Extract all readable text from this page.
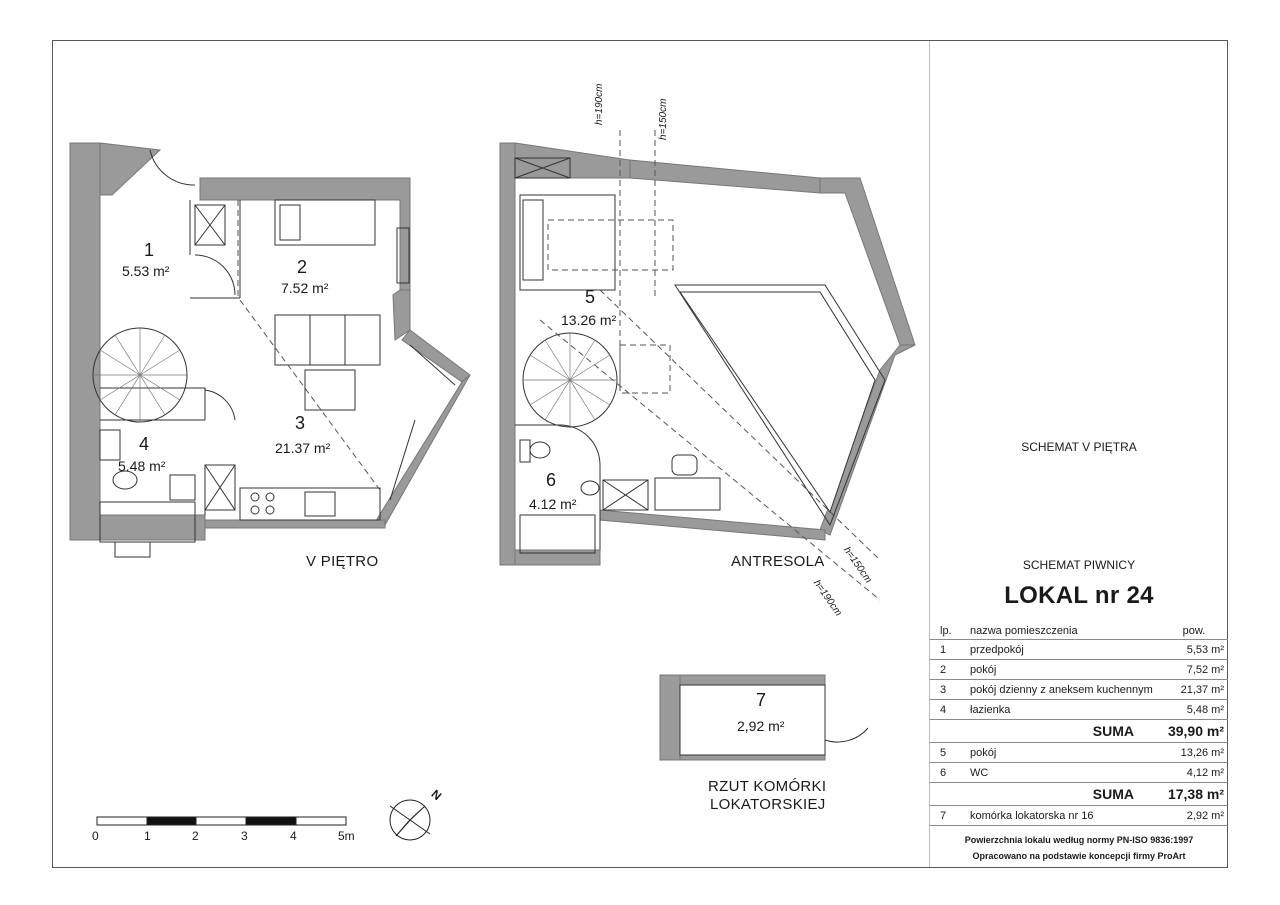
1
5.53 m²	2
7.52 m²
3
21.37 m²
4
5.48 m²
5
13.26 m²
6
4.12 m²
7
2,92 m²
V PIĘTRO	ANTRESOLA
RZUT KOMÓRKI
LOKATORSKIEJ
h=190cm	h=150cm
h=150cm
h=190cm
0	1	2	3	4	5m
N
SCHEMAT V PIĘTRA
SCHEMAT PIWNICY
LOKAL nr 24
lp.	nazwa pomieszczenia	pow.
1	przedpokój	5,53 m²
2	pokój	7,52 m²
3	pokój dzienny z aneksem kuchennym	21,37 m²
4	łazienka	5,48 m²
	SUMA	39,90 m²
5	pokój	13,26 m²
6	WC	4,12 m²
	SUMA	17,38 m²
7	komórka lokatorska nr 16	2,92 m²
Powierzchnia lokalu według normy PN-ISO 9836:1997
Opracowano na podstawie koncepcji firmy ProArt
